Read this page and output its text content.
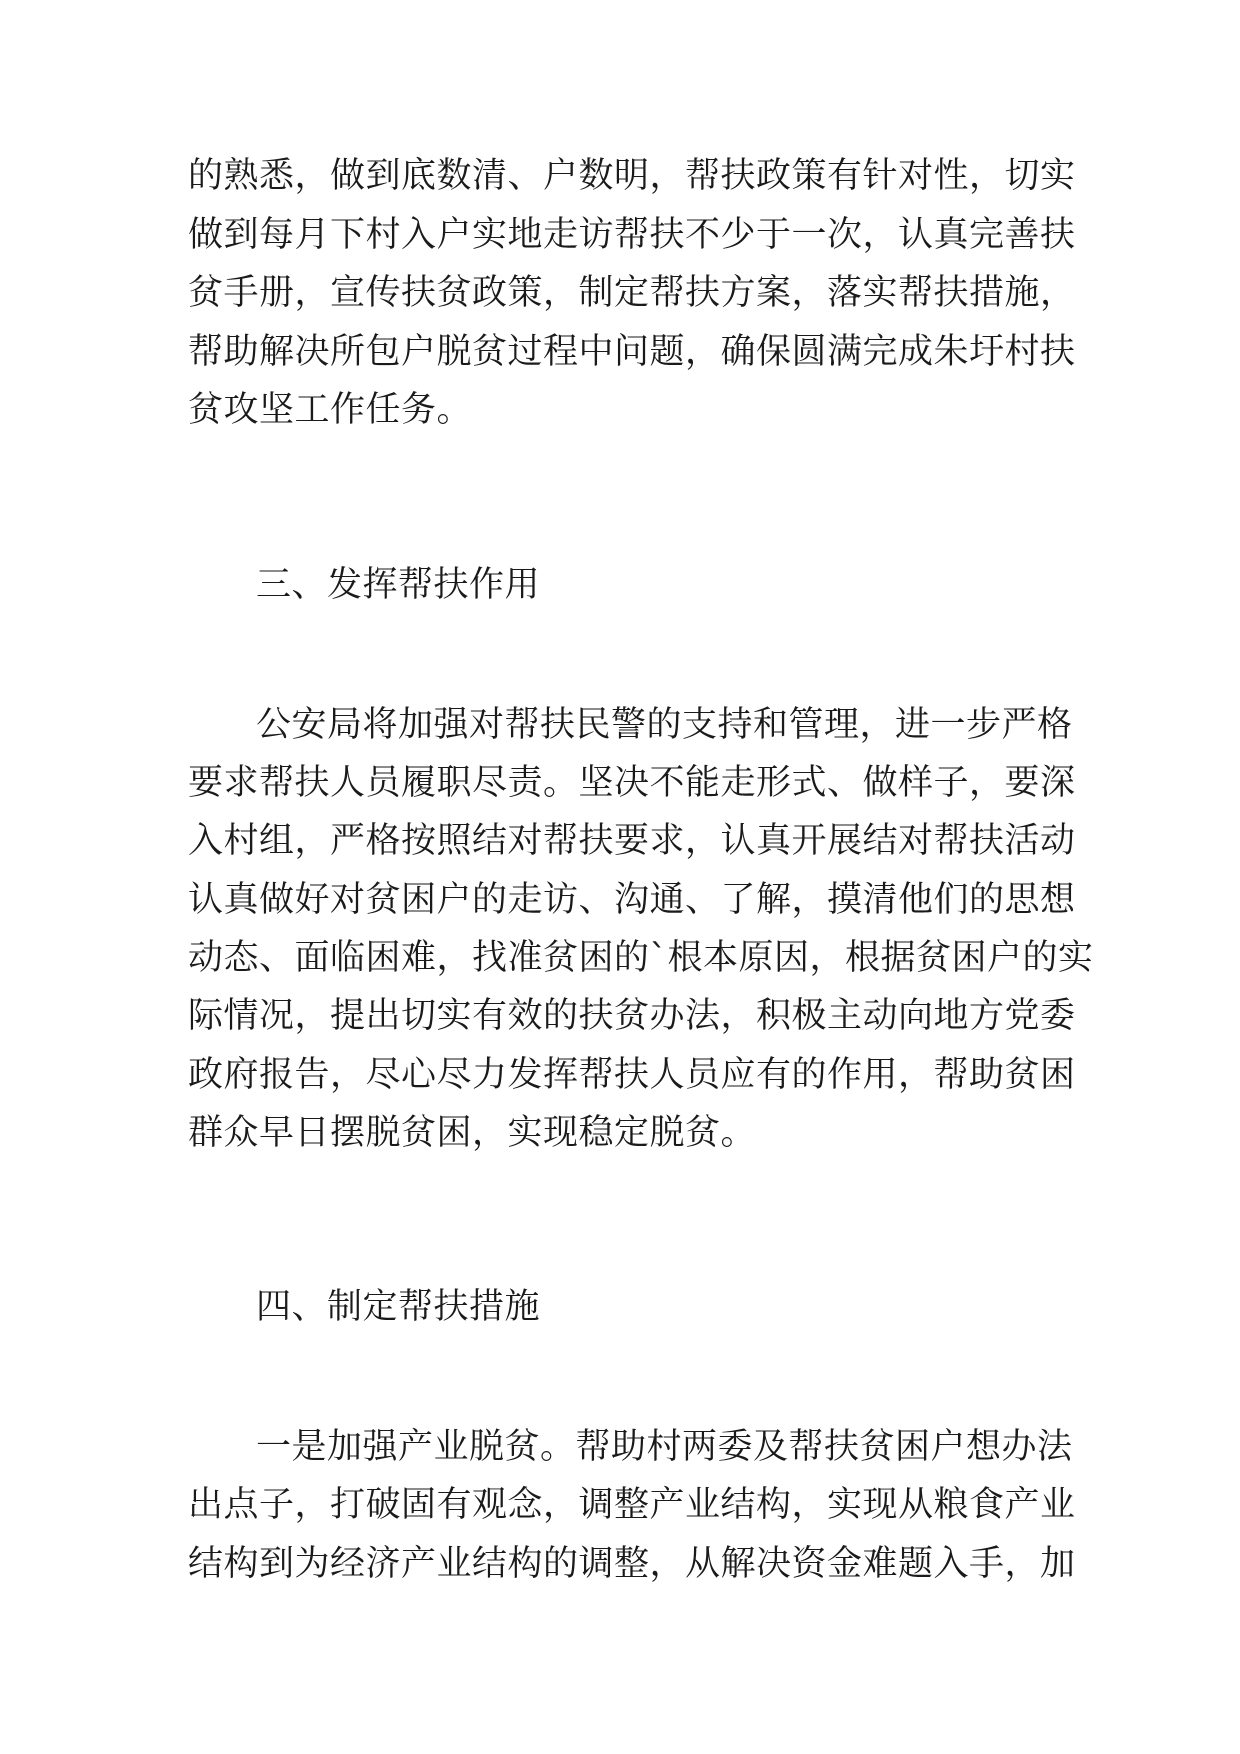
的熟悉，做到底数清、户数明，帮扶政策有针对性，切实
做到每月下村入户实地走访帮扶不少于一次，认真完善扶
贫手册，宣传扶贫政策，制定帮扶方案，落实帮扶措施，
帮助解决所包户脱贫过程中问题，确保圆满完成朱圩村扶
贫攻坚工作任务。
三、发挥帮扶作用
公安局将加强对帮扶民警的支持和管理，进一步严格
要求帮扶人员履职尽责。坚决不能走形式、做样子，要深
入村组，严格按照结对帮扶要求，认真开展结对帮扶活动
认真做好对贫困户的走访、沟通、了解，摸清他们的思想
动态、面临困难，找准贫困的`根本原因，根据贫困户的实
际情况，提出切实有效的扶贫办法，积极主动向地方党委
政府报告，尽心尽力发挥帮扶人员应有的作用，帮助贫困
群众早日摆脱贫困，实现稳定脱贫。
四、制定帮扶措施
一是加强产业脱贫。帮助村两委及帮扶贫困户想办法
出点子，打破固有观念，调整产业结构，实现从粮食产业
结构到为经济产业结构的调整，从解决资金难题入手，加
